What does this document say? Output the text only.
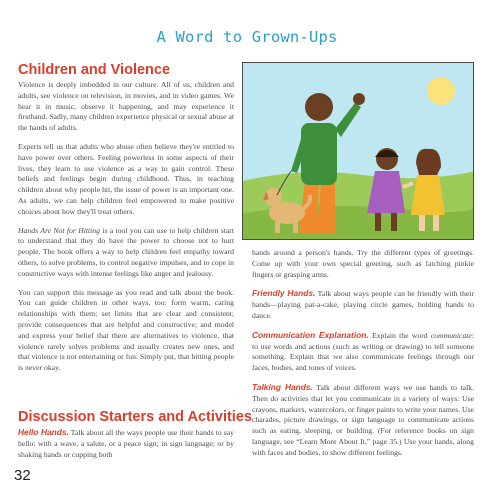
A Word to Grown-Ups
Children and Violence

Violence is deeply imbedded in our culture. All of us, children and adults, see violence on television, in movies, and in video games. We hear it in music, observe it happening, and may experience it firsthand. Sadly, many children experience physical or sexual abuse at the hands of adults.

Experts tell us that adults who abuse often believe they're entitled to have power over others. Feeling powerless in some aspects of their lives, they learn to use violence as a way to gain control. These beliefs and feelings begin during childhood. Thus, in teaching children about why people hit, the issue of power is an important one. As adults, we can help children feel empowered to make positive choices about how they'll treat others.

Hands Are Not for Hitting is a tool you can use to help children start to understand that they do have the power to choose not to hurt people. The book offers a way to help children feel empathy toward others, to solve problems, to control negative impulses, and to cope in constructive ways with intense feelings like anger and jealousy.

You can support this message as you read and talk about the book. You can guide children in other ways, too: form warm, caring relationships with them; set limits that are clear and consistent; provide consequences that are helpful and constructive; and model and express your belief that there are alternatives to violence, that violence rarely solves problems and usually creates new ones, and that violence is not entertaining or fun. Simply put, that hitting people is never okay.

Discussion Starters and Activities

Hello Hands. Talk about all the ways people use their hands to say hello: with a wave, a salute, or a peace sign; in sign language; or by shaking hands or cupping both

hands around a person's hands. Try the different types of greetings. Come up with your own special greeting, such as latching pinkie fingers or grasping arms.

Friendly Hands. Talk about ways people can be friendly with their hands—playing pat-a-cake, playing circle games, holding hands to dance.

Communication Explanation. Explain the word communicate: to use words and actions (such as writing or drawing) to tell someone something. Explain that we also communicate feelings through our faces, bodies, and tones of voices.

Talking Hands. Talk about different ways we use hands to talk. Then do activities that let you communicate in a variety of ways: Use crayons, markers, watercolors, or finger paints to write your names. Use charades, picture drawings, or sign language to communicate actions such as eating, sleeping, or building. (For reference books on sign language, see “Learn More About It,” page 35.) Use your hands, along with faces and bodies, to show different feelings.

32
